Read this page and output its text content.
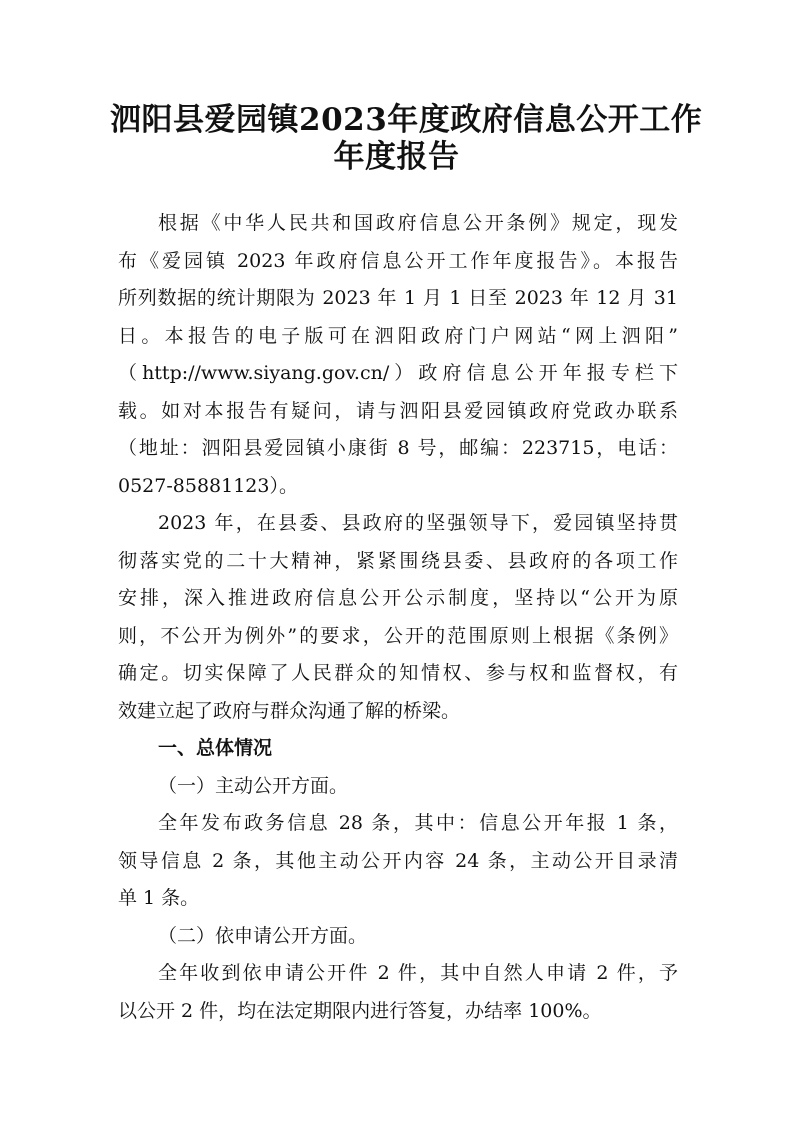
泗阳县爱园镇2023年度政府信息公开工作
年度报告
根据《中华人民共和国政府信息公开条例》规定，现发
布《爱园镇 2023 年政府信息公开工作年度报告》。本报告
所列数据的统计期限为 2023 年 1 月 1 日至 2023 年 12 月 31
日。本报告的电子版可在泗阳政府门户网站“网上泗阳”
（http://www.siyang.gov.cn/）政府信息公开年报专栏下
载。如对本报告有疑问，请与泗阳县爱园镇政府党政办联系
（地址：泗阳县爱园镇小康街 8 号，邮编：223715，电话：
0527-85881123）。
2023 年，在县委、县政府的坚强领导下，爱园镇坚持贯
彻落实党的二十大精神，紧紧围绕县委、县政府的各项工作
安排，深入推进政府信息公开公示制度，坚持以“公开为原
则，不公开为例外”的要求，公开的范围原则上根据《条例》
确定。切实保障了人民群众的知情权、参与权和监督权，有
效建立起了政府与群众沟通了解的桥梁。
一、总体情况
（一）主动公开方面。
全年发布政务信息 28 条，其中：信息公开年报 1 条，
领导信息 2 条，其他主动公开内容 24 条，主动公开目录清
单 1 条。
（二）依申请公开方面。
全年收到依申请公开件 2 件，其中自然人申请 2 件，予
以公开 2 件，均在法定期限内进行答复，办结率 100%。
